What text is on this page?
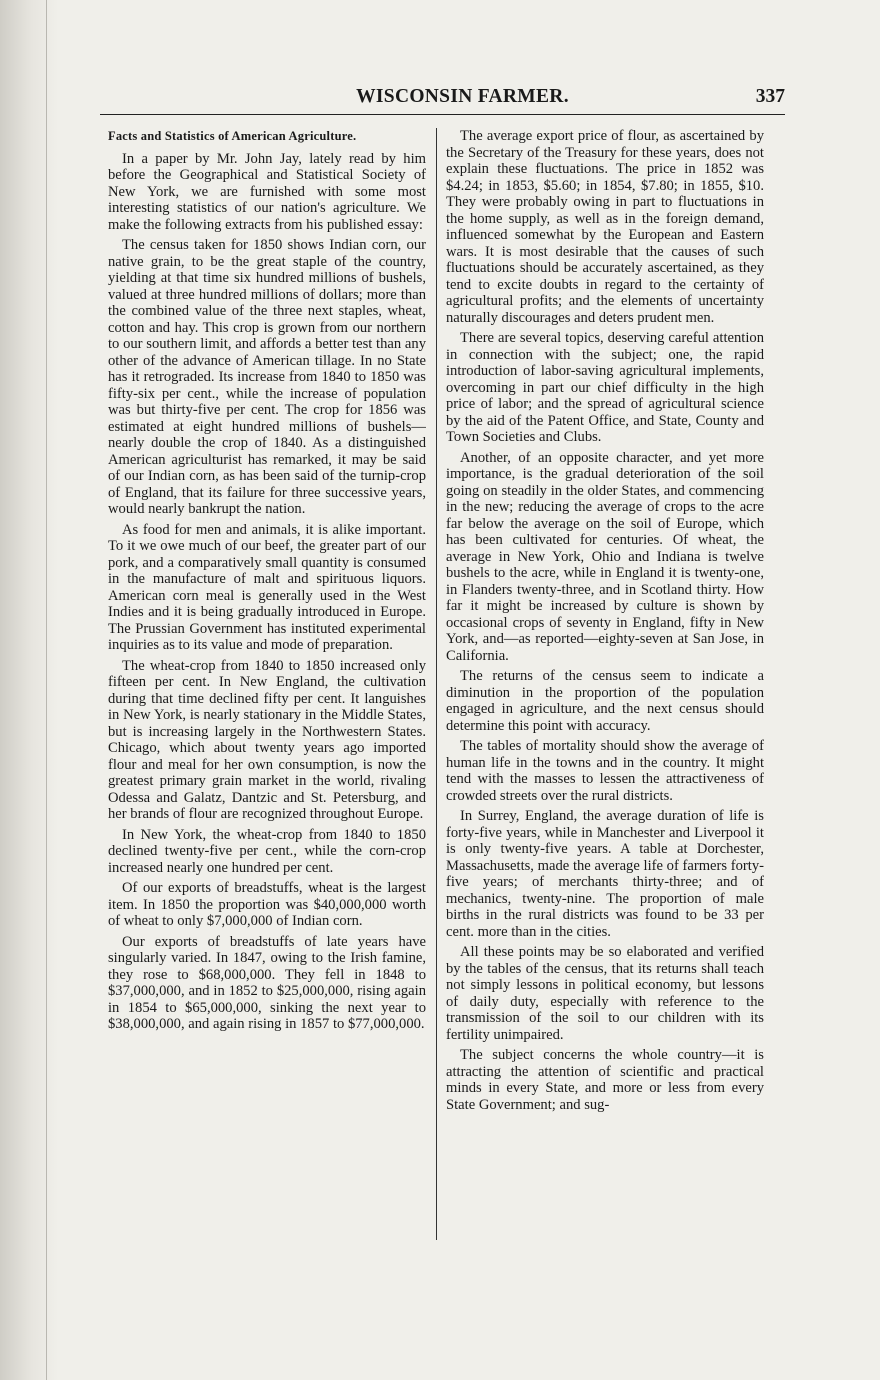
WISCONSIN FARMER.	337
Facts and Statistics of American Agriculture.

In a paper by Mr. John Jay, lately read by him before the Geographical and Statistical Society of New York, we are furnished with some most interesting statistics of our nation's agriculture. We make the following extracts from his published essay:

The census taken for 1850 shows Indian corn, our native grain, to be the great staple of the country, yielding at that time six hundred millions of bushels, valued at three hundred millions of dollars; more than the combined value of the three next staples, wheat, cotton and hay. This crop is grown from our northern to our southern limit, and affords a better test than any other of the advance of American tillage. In no State has it retrograded. Its increase from 1840 to 1850 was fifty-six per cent., while the increase of population was but thirty-five per cent. The crop for 1856 was estimated at eight hundred millions of bushels—nearly double the crop of 1840. As a distinguished American agriculturist has remarked, it may be said of our Indian corn, as has been said of the turnip-crop of England, that its failure for three successive years, would nearly bankrupt the nation.

As food for men and animals, it is alike important. To it we owe much of our beef, the greater part of our pork, and a comparatively small quantity is consumed in the manufacture of malt and spirituous liquors. American corn meal is generally used in the West Indies and it is being gradually introduced in Europe. The Prussian Government has instituted experimental inquiries as to its value and mode of preparation.

The wheat-crop from 1840 to 1850 increased only fifteen per cent. In New England, the cultivation during that time declined fifty per cent. It languishes in New York, is nearly stationary in the Middle States, but is increasing largely in the Northwestern States. Chicago, which about twenty years ago imported flour and meal for her own consumption, is now the greatest primary grain market in the world, rivaling Odessa and Galatz, Dantzic and St. Petersburg, and her brands of flour are recognized throughout Europe.

In New York, the wheat-crop from 1840 to 1850 declined twenty-five per cent., while the corn-crop increased nearly one hundred per cent.

Of our exports of breadstuffs, wheat is the largest item. In 1850 the proportion was $40,000,000 worth of wheat to only $7,000,000 of Indian corn.

Our exports of breadstuffs of late years have singularly varied. In 1847, owing to the Irish famine, they rose to $68,000,000. They fell in 1848 to $37,000,000, and in 1852 to $25,000,000, rising again in 1854 to $65,000,000, sinking the next year to $38,000,000, and again rising in 1857 to $77,000,000.

The average export price of flour, as ascertained by the Secretary of the Treasury for these years, does not explain these fluctuations. The price in 1852 was $4.24; in 1853, $5.60; in 1854, $7.80; in 1855, $10. They were probably owing in part to fluctuations in the home supply, as well as in the foreign demand, influenced somewhat by the European and Eastern wars. It is most desirable that the causes of such fluctuations should be accurately ascertained, as they tend to excite doubts in regard to the certainty of agricultural profits; and the elements of uncertainty naturally discourages and deters prudent men.

There are several topics, deserving careful attention in connection with the subject; one, the rapid introduction of labor-saving agricultural implements, overcoming in part our chief difficulty in the high price of labor; and the spread of agricultural science by the aid of the Patent Office, and State, County and Town Societies and Clubs.

Another, of an opposite character, and yet more importance, is the gradual deterioration of the soil going on steadily in the older States, and commencing in the new; reducing the average of crops to the acre far below the average on the soil of Europe, which has been cultivated for centuries. Of wheat, the average in New York, Ohio and Indiana is twelve bushels to the acre, while in England it is twenty-one, in Flanders twenty-three, and in Scotland thirty. How far it might be increased by culture is shown by occasional crops of seventy in England, fifty in New York, and—as reported—eighty-seven at San Jose, in California.

The returns of the census seem to indicate a diminution in the proportion of the population engaged in agriculture, and the next census should determine this point with accuracy.

The tables of mortality should show the average of human life in the towns and in the country. It might tend with the masses to lessen the attractiveness of crowded streets over the rural districts.

In Surrey, England, the average duration of life is forty-five years, while in Manchester and Liverpool it is only twenty-five years. A table at Dorchester, Massachusetts, made the average life of farmers forty-five years; of merchants thirty-three; and of mechanics, twenty-nine. The proportion of male births in the rural districts was found to be 33 per cent. more than in the cities.

All these points may be so elaborated and verified by the tables of the census, that its returns shall teach not simply lessons in political economy, but lessons of daily duty, especially with reference to the transmission of the soil to our children with its fertility unimpaired.

The subject concerns the whole country—it is attracting the attention of scientific and practical minds in every State, and more or less from every State Government; and sug-
